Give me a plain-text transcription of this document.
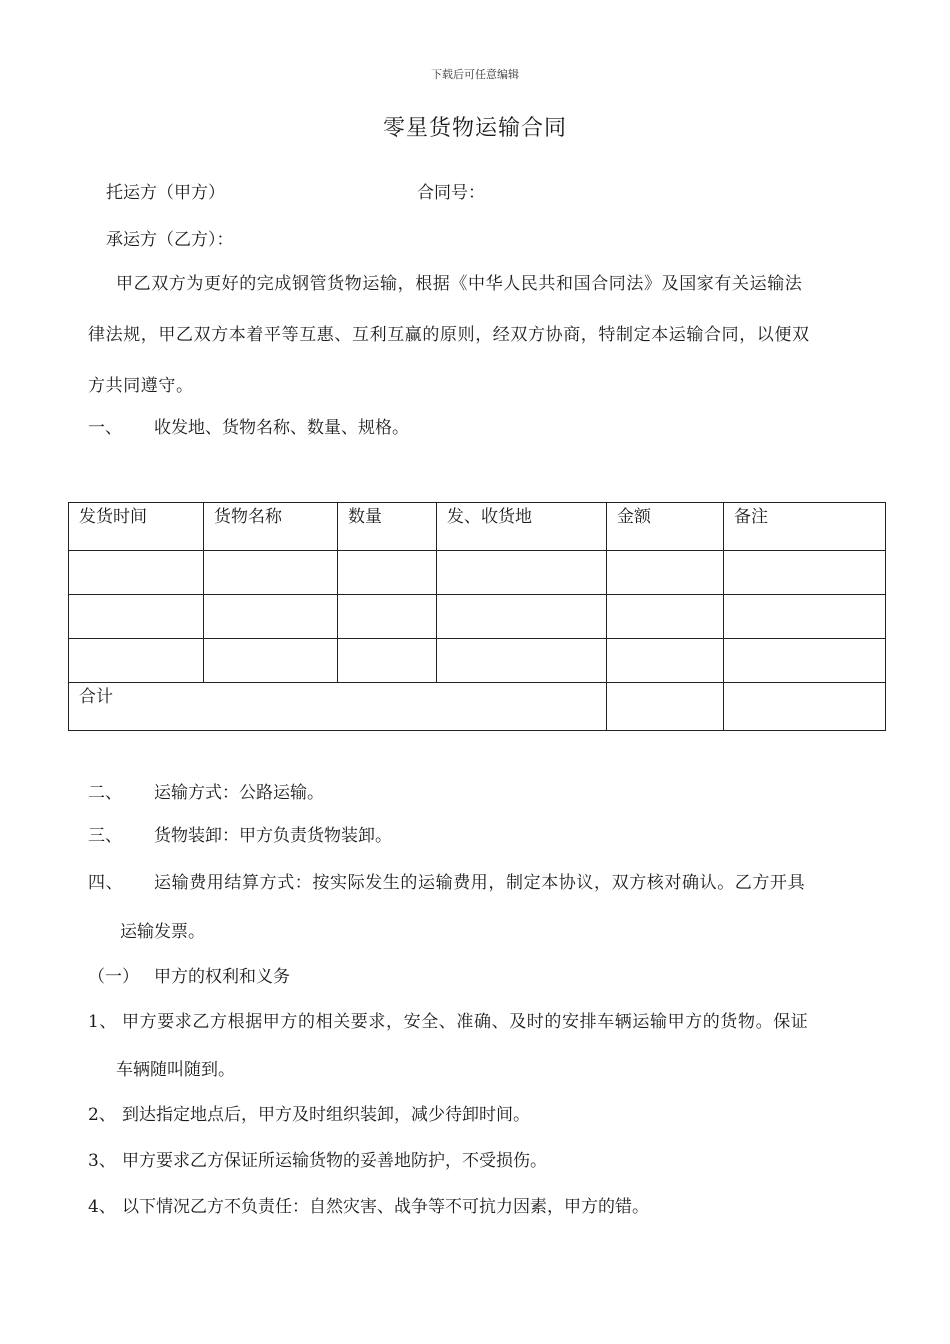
下载后可任意编辑
零星货物运输合同
托运方（甲方）	合同号：
承运方（乙方）：
甲乙双方为更好的完成钢管货物运输，根据《中华人民共和国合同法》及国家有关运输法
律法规，甲乙双方本着平等互惠、互利互赢的原则，经双方协商，特制定本运输合同，以便双
方共同遵守。
一、 收发地、货物名称、数量、规格。
发货时间	货物名称	数量	发、收货地	金额	备注

合计					
二、 运输方式：公路运输。
三、 货物装卸：甲方负责货物装卸。
四、 运输费用结算方式：按实际发生的运输费用，制定本协议，双方核对确认。乙方开具
运输发票。
（一） 甲方的权利和义务
1、 甲方要求乙方根据甲方的相关要求，安全、准确、及时的安排车辆运输甲方的货物。保证
车辆随叫随到。
2、 到达指定地点后，甲方及时组织装卸，减少待卸时间。
3、 甲方要求乙方保证所运输货物的妥善地防护，不受损伤。
4、 以下情况乙方不负责任：自然灾害、战争等不可抗力因素，甲方的错。
